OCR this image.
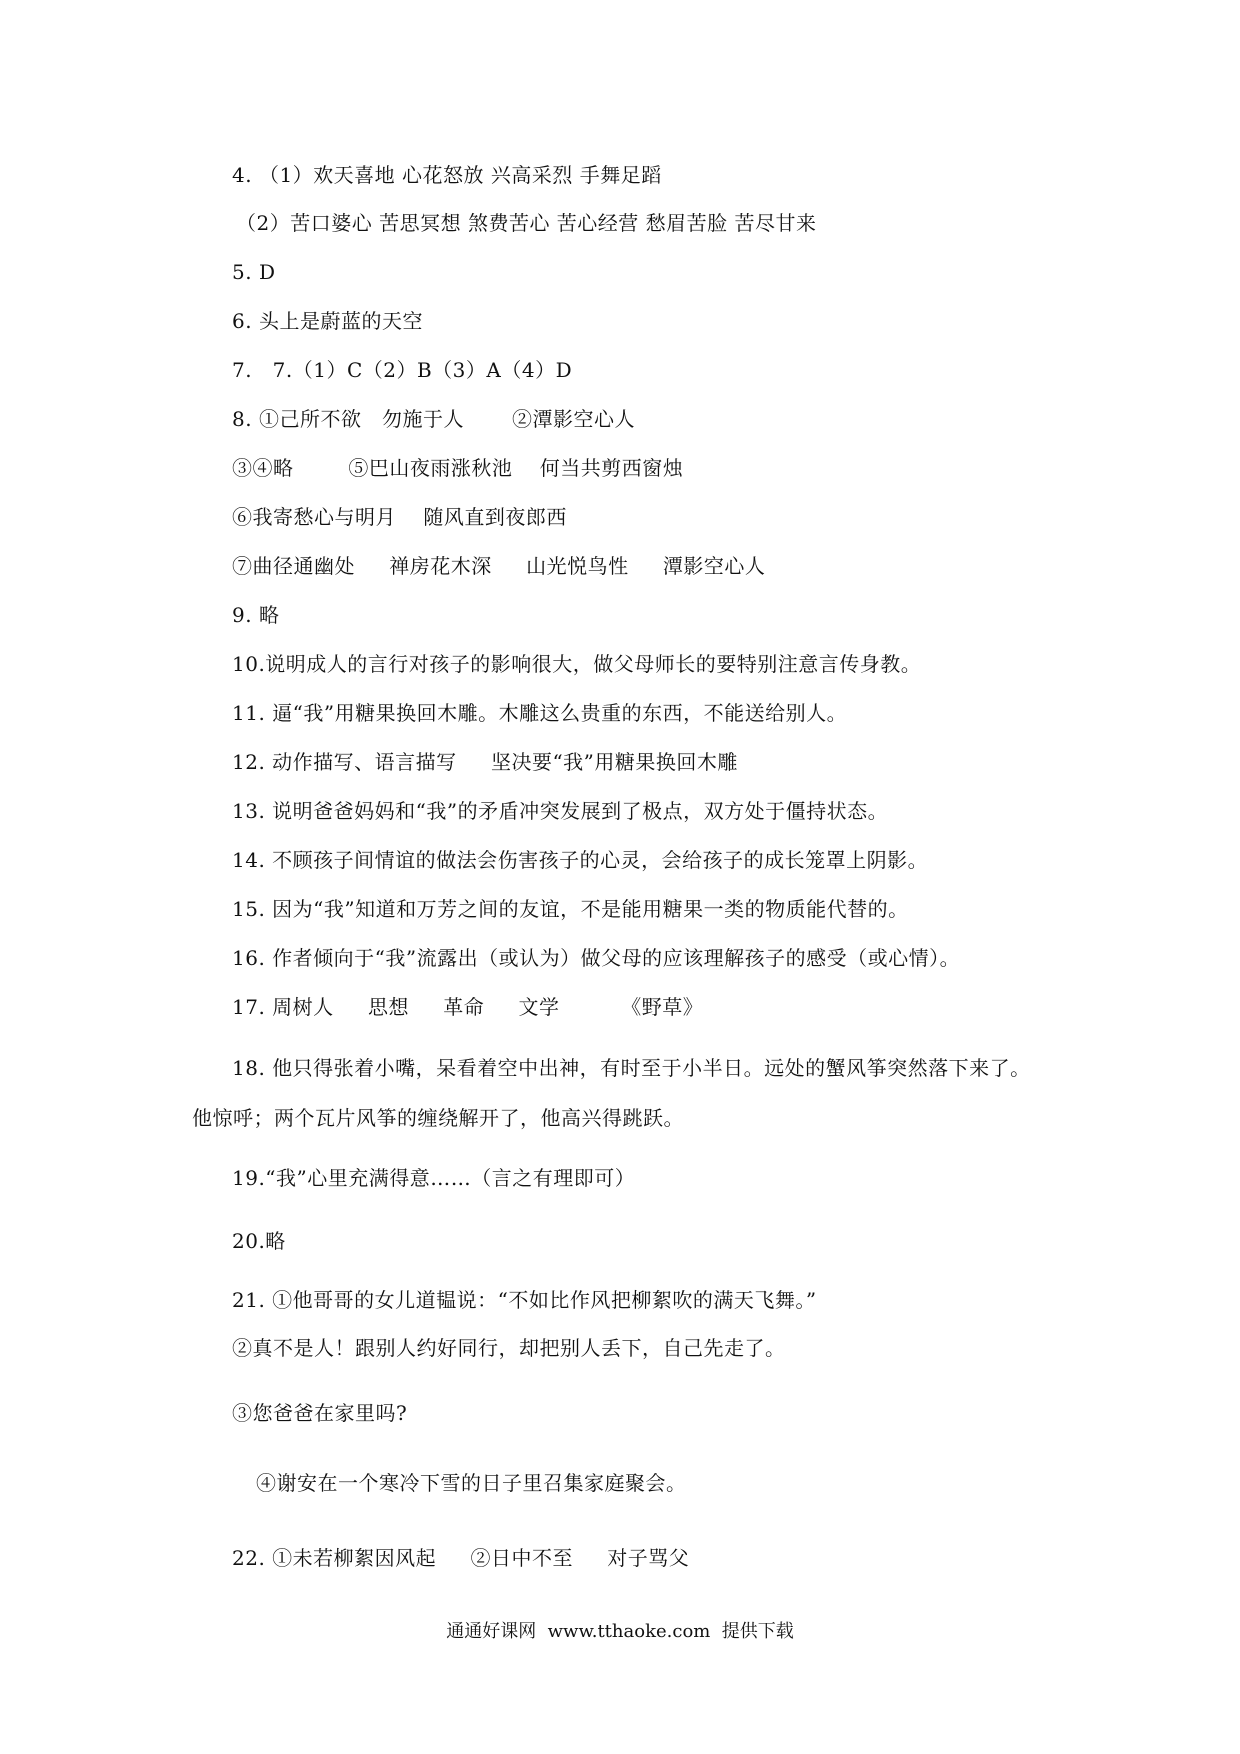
4. （1）欢天喜地 心花怒放 兴高采烈 手舞足蹈
（2）苦口婆心 苦思冥想 煞费苦心 苦心经营 愁眉苦脸 苦尽甘来
5. D
6. 头上是蔚蓝的天空
7.   7.（1）C（2）B（3）A（4）D
8. ①己所不欲   勿施于人       ②潭影空心人
③④略        ⑤巴山夜雨涨秋池    何当共剪西窗烛
⑥我寄愁心与明月    随风直到夜郎西
⑦曲径通幽处     禅房花木深     山光悦鸟性     潭影空心人
9. 略
10.说明成人的言行对孩子的影响很大，做父母师长的要特别注意言传身教。
11. 逼“我”用糖果换回木雕。木雕这么贵重的东西，不能送给别人。
12. 动作描写、语言描写     坚决要“我”用糖果换回木雕
13. 说明爸爸妈妈和“我”的矛盾冲突发展到了极点，双方处于僵持状态。
14. 不顾孩子间情谊的做法会伤害孩子的心灵，会给孩子的成长笼罩上阴影。
15. 因为“我”知道和万芳之间的友谊，不是能用糖果一类的物质能代替的。
16. 作者倾向于“我”流露出（或认为）做父母的应该理解孩子的感受（或心情）。
17. 周树人     思想     革命     文学         《野草》
18. 他只得张着小嘴，呆看着空中出神，有时至于小半日。远处的蟹风筝突然落下来了。
他惊呼；两个瓦片风筝的缠绕解开了，他高兴得跳跃。
19.“我”心里充满得意……（言之有理即可）
20.略
21. ①他哥哥的女儿道韫说：“不如比作风把柳絮吹的满天飞舞。”
②真不是人！跟别人约好同行，却把别人丢下，自己先走了。
③您爸爸在家里吗?
④谢安在一个寒冷下雪的日子里召集家庭聚会。
22. ①未若柳絮因风起     ②日中不至     对子骂父
通通好课网  www.tthaoke.com  提供下载
